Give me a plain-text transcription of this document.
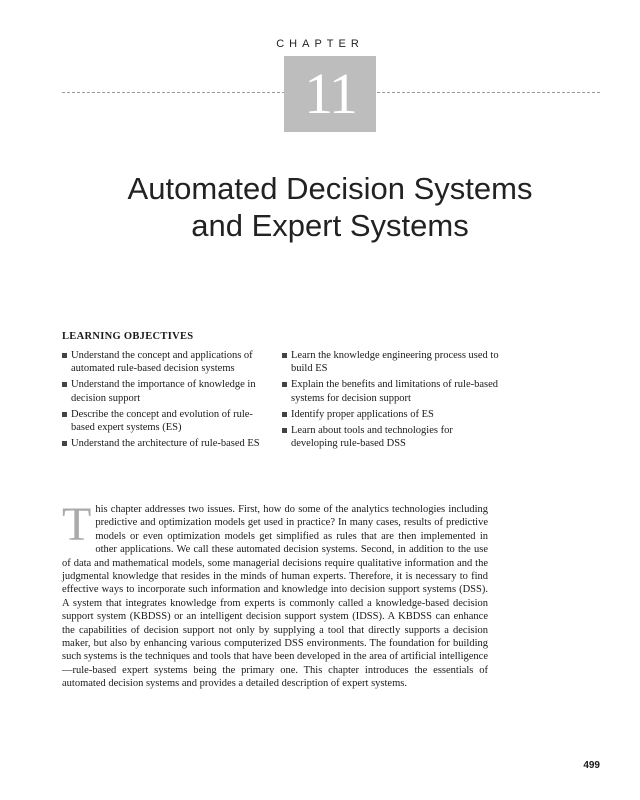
CHAPTER
11
Automated Decision Systems
and Expert Systems
LEARNING OBJECTIVES
Understand the concept and applications of automated rule-based decision systems
Understand the importance of knowledge in decision support
Describe the concept and evolution of rule-based expert systems (ES)
Understand the architecture of rule-based ES
Learn the knowledge engineering process used to build ES
Explain the benefits and limitations of rule-based systems for decision support
Identify proper applications of ES
Learn about tools and technologies for developing rule-based DSS

This chapter addresses two issues. First, how do some of the analytics technologies including predictive and optimization models get used in practice? In many cases, results of predictive models or even optimization models get simplified as rules that are then implemented in other applications. We call these automated decision systems. Second, in addition to the use of data and mathematical models, some managerial decisions require qualitative information and the judgmental knowledge that resides in the minds of human experts. Therefore, it is necessary to find effective ways to incorporate such information and knowledge into decision support systems (DSS). A system that integrates knowledge from experts is commonly called a knowledge-based decision support system (KBDSS) or an intelligent decision support system (IDSS). A KBDSS can enhance the capabilities of decision support not only by supplying a tool that directly supports a decision maker, but also by enhancing various computerized DSS environments. The foundation for building such systems is the techniques and tools that have been developed in the area of artificial intelligence—rule-based expert systems being the primary one. This chapter introduces the essentials of automated decision systems and provides a detailed description of expert systems.

499
